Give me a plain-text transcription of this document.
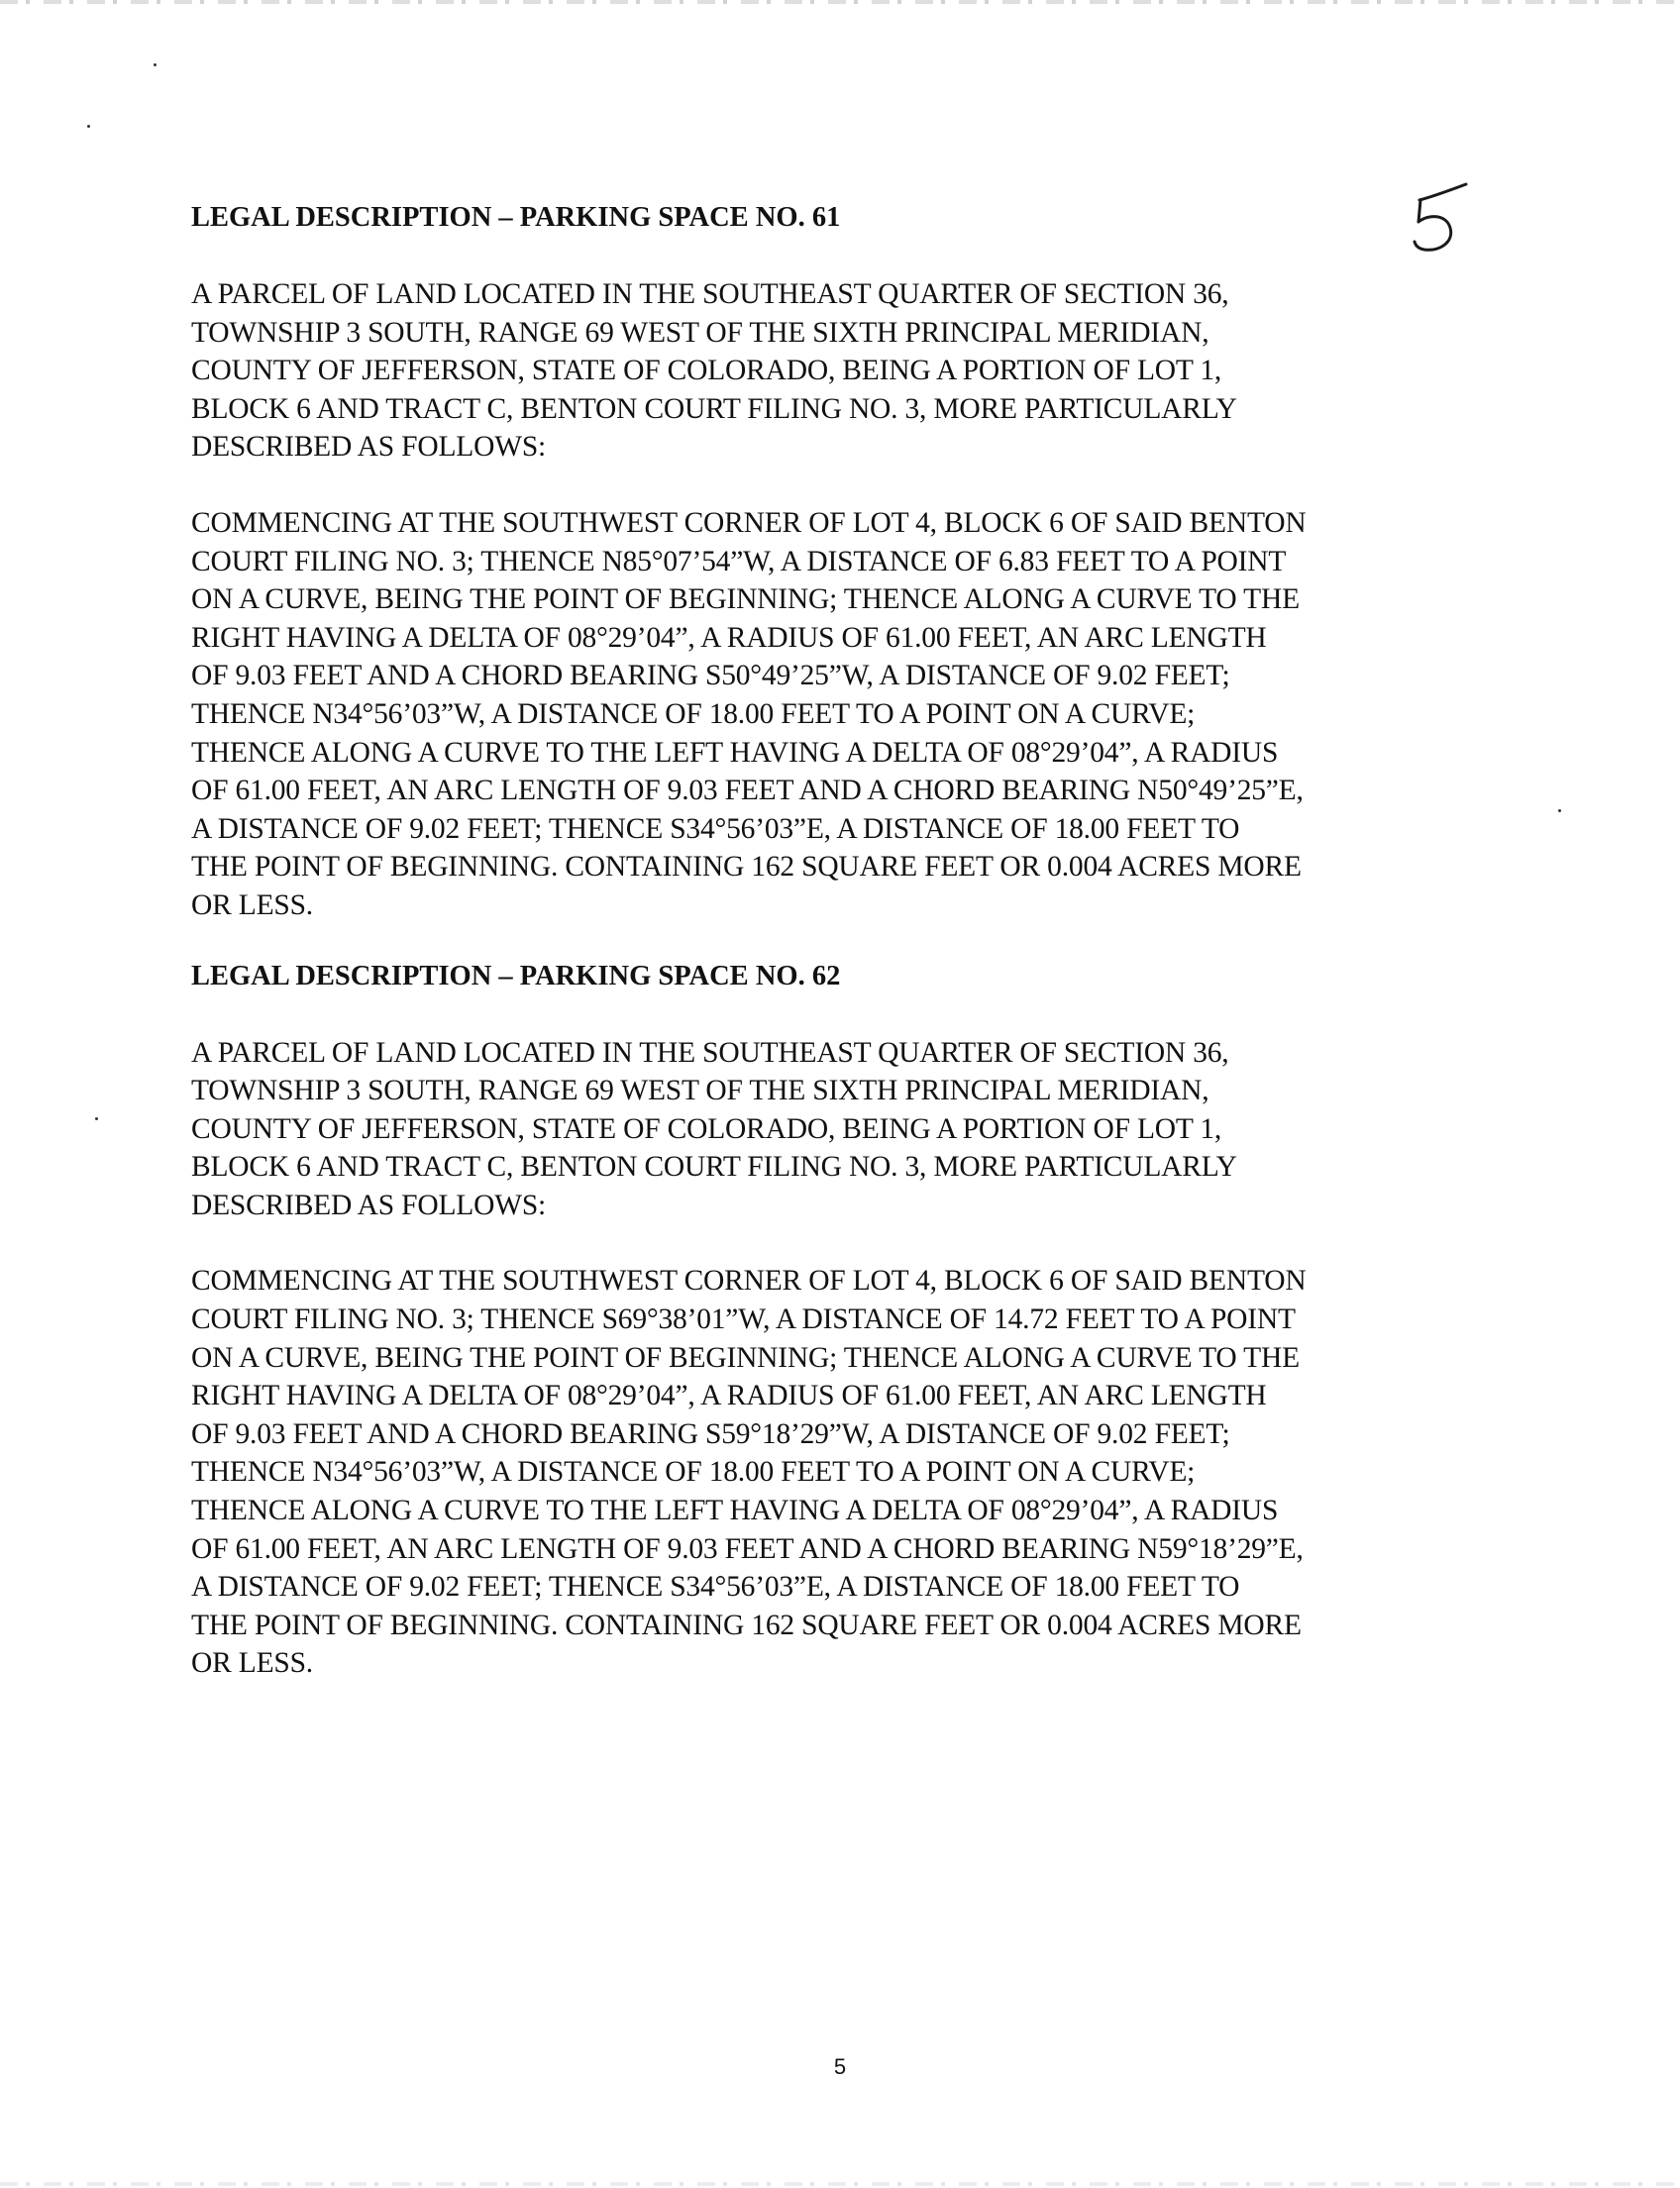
LEGAL DESCRIPTION – PARKING SPACE NO. 61

A PARCEL OF LAND LOCATED IN THE SOUTHEAST QUARTER OF SECTION 36,
TOWNSHIP 3 SOUTH, RANGE 69 WEST OF THE SIXTH PRINCIPAL MERIDIAN,
COUNTY OF JEFFERSON, STATE OF COLORADO, BEING A PORTION OF LOT 1,
BLOCK 6 AND TRACT C, BENTON COURT FILING NO. 3, MORE PARTICULARLY
DESCRIBED AS FOLLOWS:

COMMENCING AT THE SOUTHWEST CORNER OF LOT 4, BLOCK 6 OF SAID BENTON
COURT FILING NO. 3; THENCE N85°07’54”W, A DISTANCE OF 6.83 FEET TO A POINT
ON A CURVE, BEING THE POINT OF BEGINNING; THENCE ALONG A CURVE TO THE
RIGHT HAVING A DELTA OF 08°29’04”, A RADIUS OF 61.00 FEET, AN ARC LENGTH
OF 9.03 FEET AND A CHORD BEARING S50°49’25”W, A DISTANCE OF 9.02 FEET;
THENCE N34°56’03”W, A DISTANCE OF 18.00 FEET TO A POINT ON A CURVE;
THENCE ALONG A CURVE TO THE LEFT HAVING A DELTA OF 08°29’04”, A RADIUS
OF 61.00 FEET, AN ARC LENGTH OF 9.03 FEET AND A CHORD BEARING N50°49’25”E,
A DISTANCE OF 9.02 FEET; THENCE S34°56’03”E, A DISTANCE OF 18.00 FEET TO
THE POINT OF BEGINNING. CONTAINING 162 SQUARE FEET OR 0.004 ACRES MORE
OR LESS.

LEGAL DESCRIPTION – PARKING SPACE NO. 62

A PARCEL OF LAND LOCATED IN THE SOUTHEAST QUARTER OF SECTION 36,
TOWNSHIP 3 SOUTH, RANGE 69 WEST OF THE SIXTH PRINCIPAL MERIDIAN,
COUNTY OF JEFFERSON, STATE OF COLORADO, BEING A PORTION OF LOT 1,
BLOCK 6 AND TRACT C, BENTON COURT FILING NO. 3, MORE PARTICULARLY
DESCRIBED AS FOLLOWS:

COMMENCING AT THE SOUTHWEST CORNER OF LOT 4, BLOCK 6 OF SAID BENTON
COURT FILING NO. 3; THENCE S69°38’01”W, A DISTANCE OF 14.72 FEET TO A POINT
ON A CURVE, BEING THE POINT OF BEGINNING; THENCE ALONG A CURVE TO THE
RIGHT HAVING A DELTA OF 08°29’04”, A RADIUS OF 61.00 FEET, AN ARC LENGTH
OF 9.03 FEET AND A CHORD BEARING S59°18’29”W, A DISTANCE OF 9.02 FEET;
THENCE N34°56’03”W, A DISTANCE OF 18.00 FEET TO A POINT ON A CURVE;
THENCE ALONG A CURVE TO THE LEFT HAVING A DELTA OF 08°29’04”, A RADIUS
OF 61.00 FEET, AN ARC LENGTH OF 9.03 FEET AND A CHORD BEARING N59°18’29”E,
A DISTANCE OF 9.02 FEET; THENCE S34°56’03”E, A DISTANCE OF 18.00 FEET TO
THE POINT OF BEGINNING. CONTAINING 162 SQUARE FEET OR 0.004 ACRES MORE
OR LESS.

5
